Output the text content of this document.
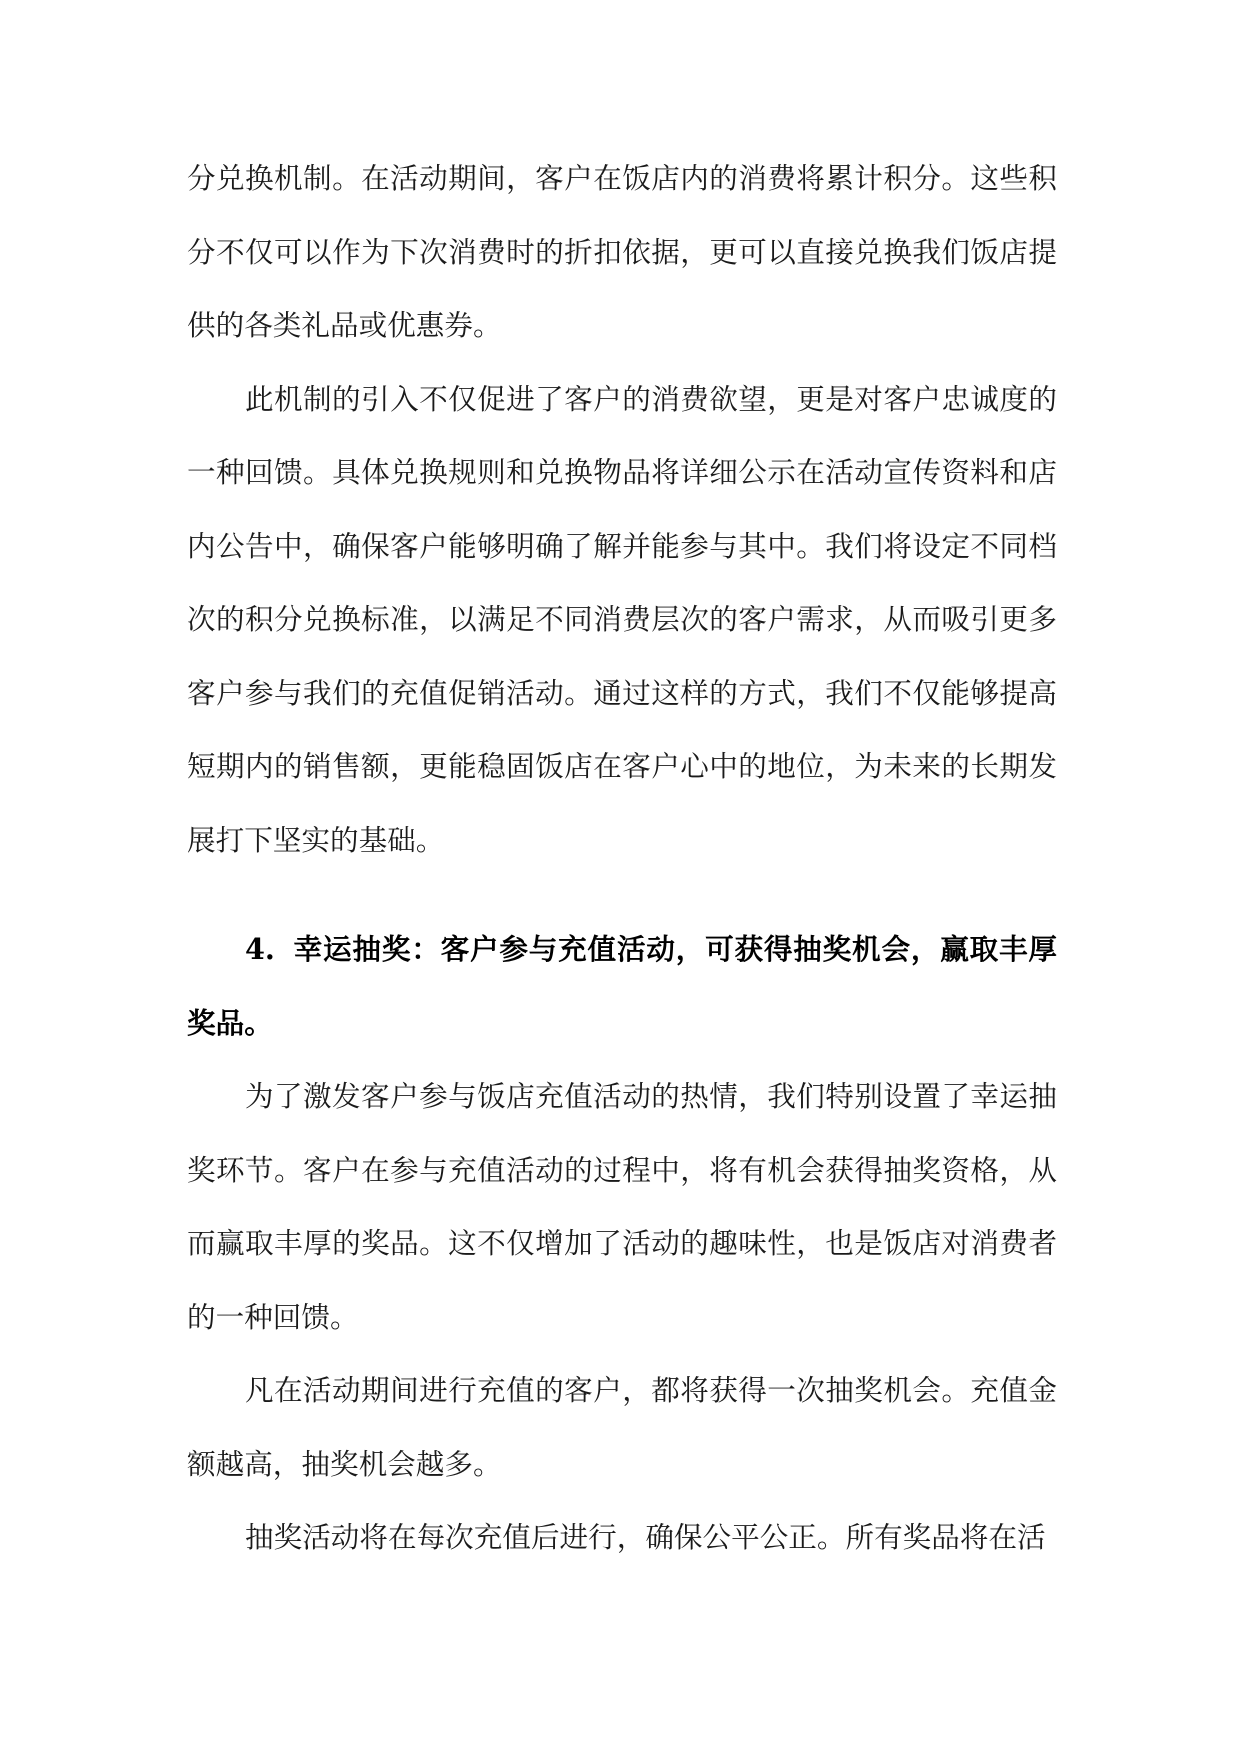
分兑换机制。在活动期间，客户在饭店内的消费将累计积分。这些积分不仅可以作为下次消费时的折扣依据，更可以直接兑换我们饭店提供的各类礼品或优惠券。

此机制的引入不仅促进了客户的消费欲望，更是对客户忠诚度的一种回馈。具体兑换规则和兑换物品将详细公示在活动宣传资料和店内公告中，确保客户能够明确了解并能参与其中。我们将设定不同档次的积分兑换标准，以满足不同消费层次的客户需求，从而吸引更多客户参与我们的充值促销活动。通过这样的方式，我们不仅能够提高短期内的销售额，更能稳固饭店在客户心中的地位，为未来的长期发展打下坚实的基础。

4. 幸运抽奖：客户参与充值活动，可获得抽奖机会，赢取丰厚奖品。

为了激发客户参与饭店充值活动的热情，我们特别设置了幸运抽奖环节。客户在参与充值活动的过程中，将有机会获得抽奖资格，从而赢取丰厚的奖品。这不仅增加了活动的趣味性，也是饭店对消费者的一种回馈。

凡在活动期间进行充值的客户，都将获得一次抽奖机会。充值金额越高，抽奖机会越多。

抽奖活动将在每次充值后进行，确保公平公正。所有奖品将在活
